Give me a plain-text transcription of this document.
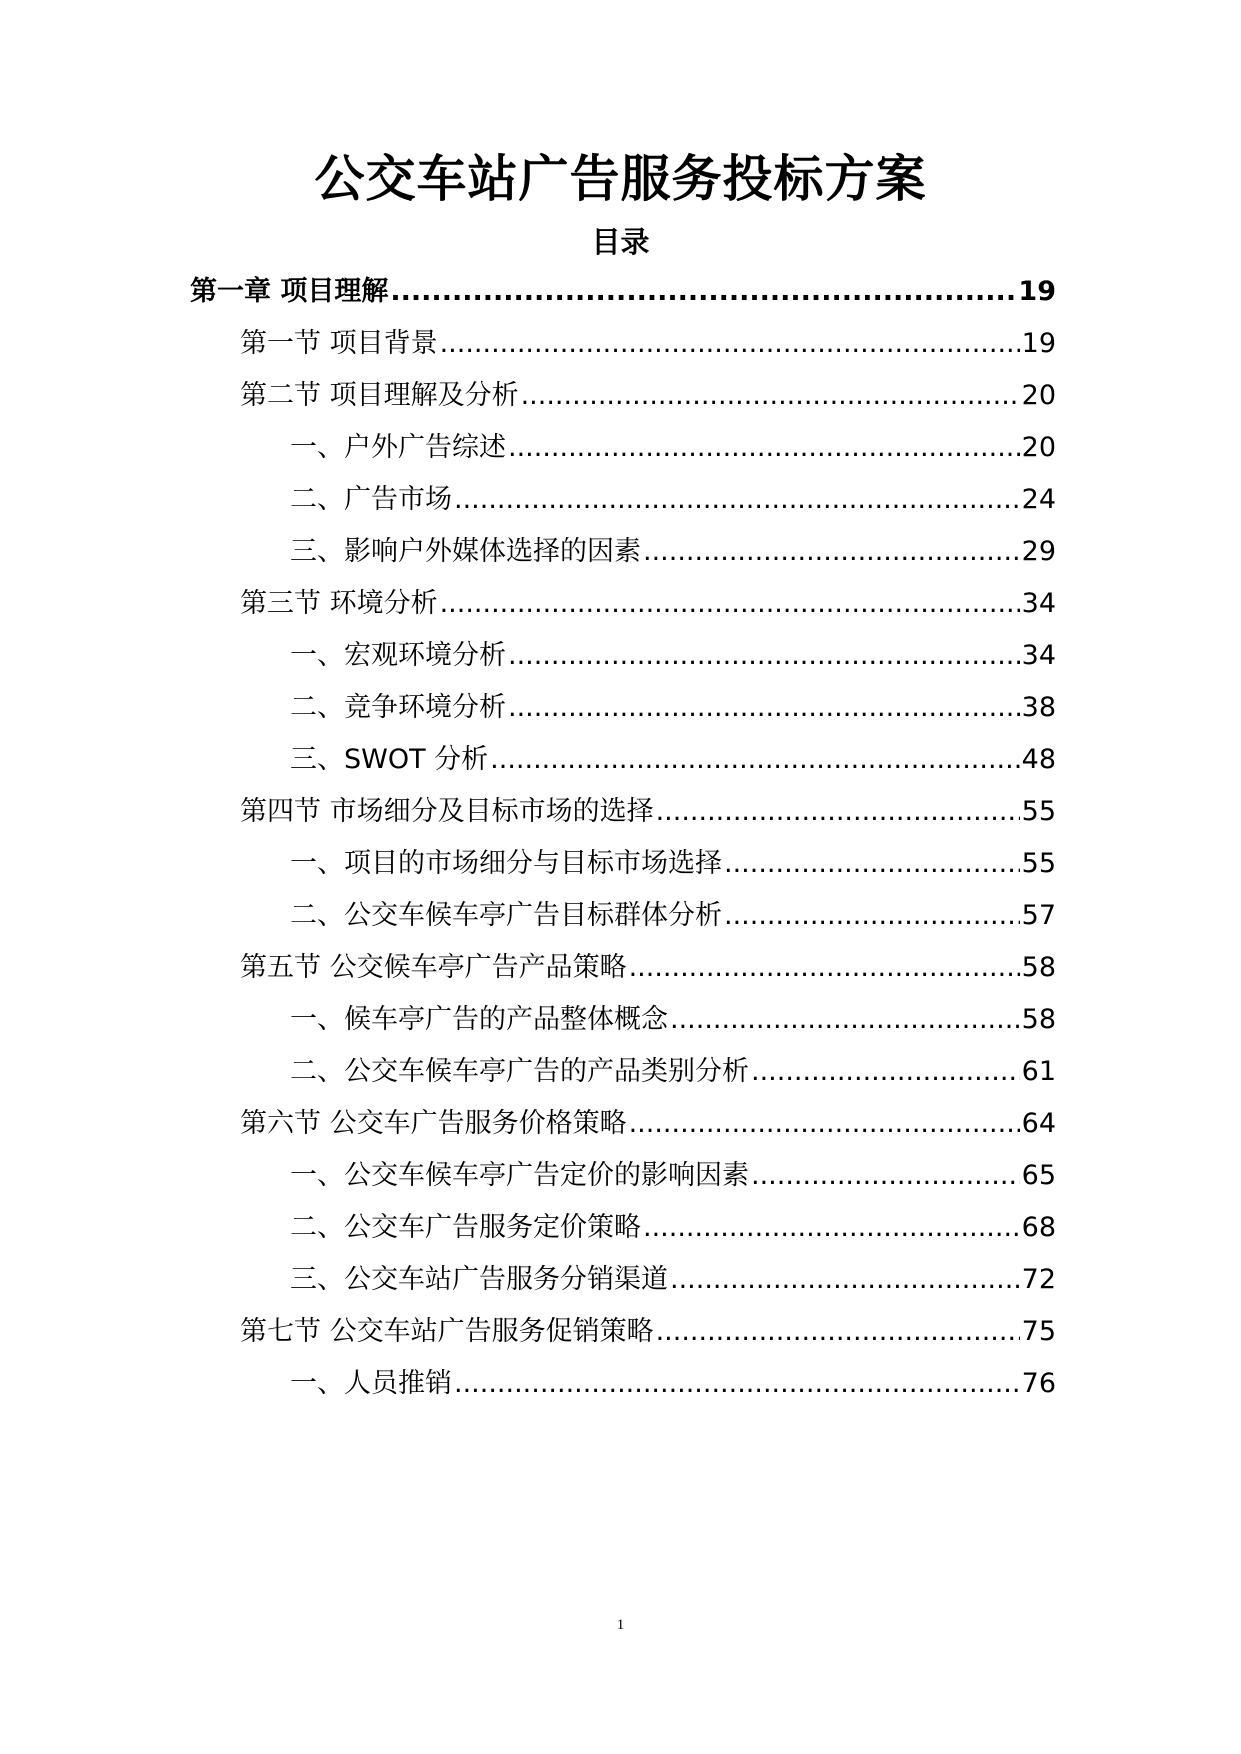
公交车站广告服务投标方案
目录
第一章 项目理解 .....	19
第一节 项目背景 .....	19
第二节 项目理解及分析 .....	20
一、户外广告综述 .....	20
二、广告市场 .....	24
三、影响户外媒体选择的因素 .....	29
第三节 环境分析 .....	34
一、宏观环境分析 .....	34
二、竞争环境分析 .....	38
三、SWOT 分析 .....	48
第四节 市场细分及目标市场的选择 .....	55
一、项目的市场细分与目标市场选择 .....	55
二、公交车候车亭广告目标群体分析 .....	57
第五节 公交候车亭广告产品策略 .....	58
一、候车亭广告的产品整体概念 .....	58
二、公交车候车亭广告的产品类别分析 .....	61
第六节 公交车广告服务价格策略 .....	64
一、公交车候车亭广告定价的影响因素 .....	65
二、公交车广告服务定价策略 .....	68
三、公交车站广告服务分销渠道 .....	72
第七节 公交车站广告服务促销策略 .....	75
一、人员推销 .....	76
1
